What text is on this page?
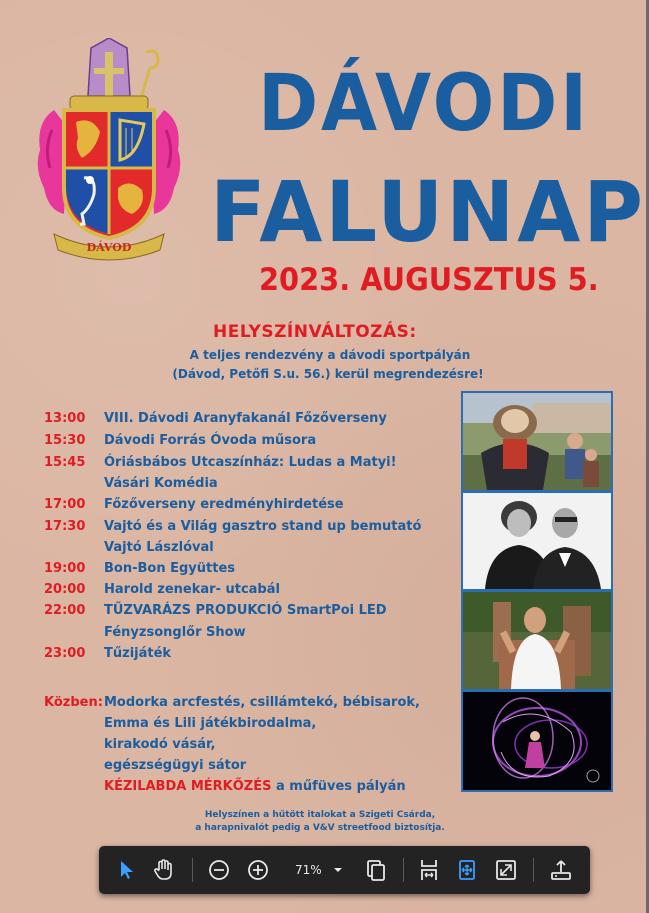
DÁVOD
DÁVODI
FALUNAP
2023. AUGUSZTUS 5.
HELYSZÍNVÁLTOZÁS:

A teljes rendezvény a dávodi sportpályán

(Dávod, Petőfi S.u. 56.) kerül megrendezésre!

13:00 VIII. Dávodi Aranyfakanál Főzőverseny
15:30 Dávodi Forrás Óvoda műsora
15:45 Óriásbábos Utcaszínház: Ludas a Matyi!
Vásári Komédia
17:00 Főzőverseny eredményhirdetése
17:30 Vajtó és a Világ gasztro stand up bemutató
Vajtó Lászlóval
19:00 Bon-Bon Együttes
20:00 Harold zenekar- utcabál
22:00 TŰZVARÁZS PRODUKCIÓ SmartPoi LED
Fényzsonglőr Show
23:00 Tűzijáték
Közben: Modorka arcfestés, csillámtekó, bébisarok,
Emma és Lili játékbirodalma,
kirakodó vásár,
egészségügyi sátor
KÉZILABDA MÉRKŐZÉS a műfüves pályán

Helyszínen a hűtött italokat a Szigeti Csárda,

a harapnivalót pedig a V&V streetfood biztosítja.

71%
